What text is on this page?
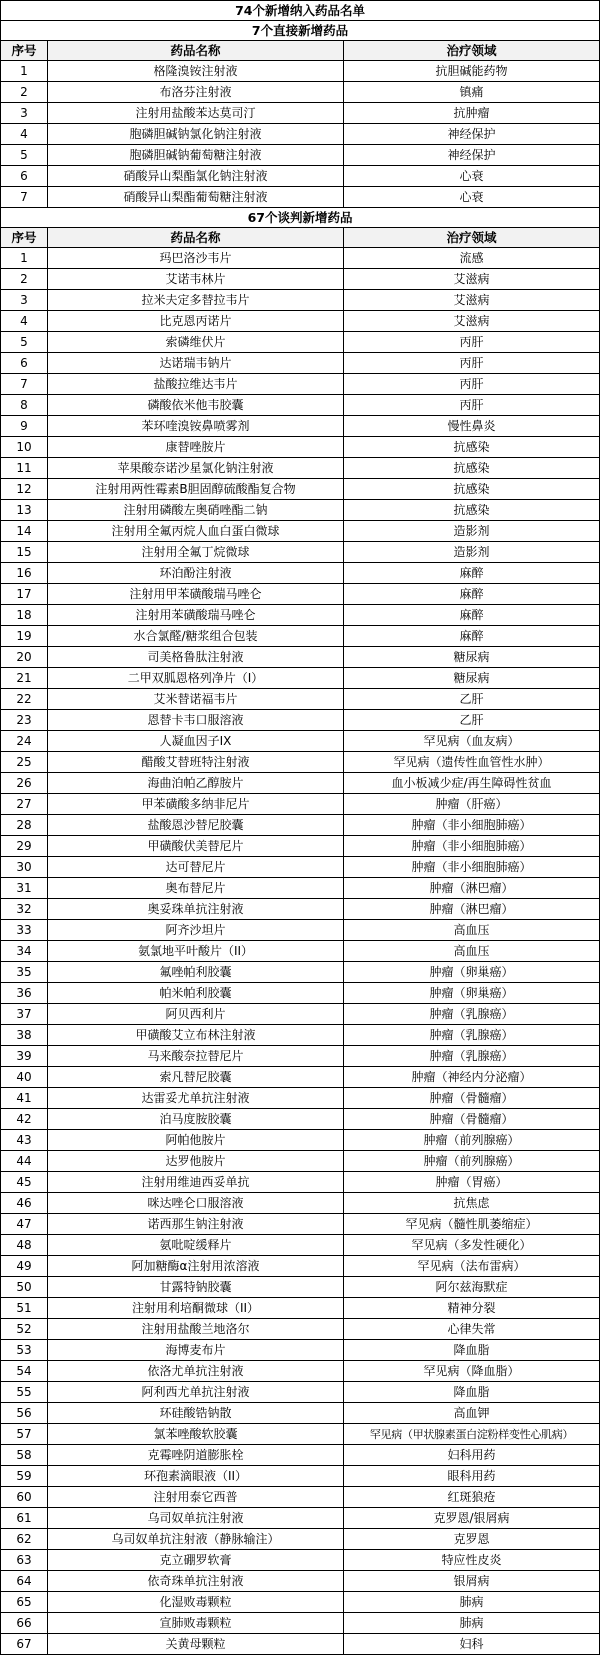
74个新增纳入药品名单		
7个直接新增药品		
序号	药品名称	治疗领域
1	格隆溴铵注射液	抗胆碱能药物
2	布洛芬注射液	镇痛
3	注射用盐酸苯达莫司汀	抗肿瘤
4	胞磷胆碱钠氯化钠注射液	神经保护
5	胞磷胆碱钠葡萄糖注射液	神经保护
6	硝酸异山梨酯氯化钠注射液	心衰
7	硝酸异山梨酯葡萄糖注射液	心衰
67个谈判新增药品		
序号	药品名称	治疗领域
1	玛巴洛沙韦片	流感
2	艾诺韦林片	艾滋病
3	拉米夫定多替拉韦片	艾滋病
4	比克恩丙诺片	艾滋病
5	索磷维伏片	丙肝
6	达诺瑞韦钠片	丙肝
7	盐酸拉维达韦片	丙肝
8	磷酸依米他韦胶囊	丙肝
9	苯环喹溴铵鼻喷雾剂	慢性鼻炎
10	康替唑胺片	抗感染
11	苹果酸奈诺沙星氯化钠注射液	抗感染
12	注射用两性霉素B胆固醇硫酸酯复合物	抗感染
13	注射用磷酸左奥硝唑酯二钠	抗感染
14	注射用全氟丙烷人血白蛋白微球	造影剂
15	注射用全氟丁烷微球	造影剂
16	环泊酚注射液	麻醉
17	注射用甲苯磺酸瑞马唑仑	麻醉
18	注射用苯磺酸瑞马唑仑	麻醉
19	水合氯醛/糖浆组合包装	麻醉
20	司美格鲁肽注射液	糖尿病
21	二甲双胍恩格列净片（I）	糖尿病
22	艾米替诺福韦片	乙肝
23	恩替卡韦口服溶液	乙肝
24	人凝血因子IX	罕见病（血友病）
25	醋酸艾替班特注射液	罕见病（遗传性血管性水肿）
26	海曲泊帕乙醇胺片	血小板减少症/再生障碍性贫血
27	甲苯磺酸多纳非尼片	肿瘤（肝癌）
28	盐酸恩沙替尼胶囊	肿瘤（非小细胞肺癌）
29	甲磺酸伏美替尼片	肿瘤（非小细胞肺癌）
30	达可替尼片	肿瘤（非小细胞肺癌）
31	奥布替尼片	肿瘤（淋巴瘤）
32	奥妥珠单抗注射液	肿瘤（淋巴瘤）
33	阿齐沙坦片	高血压
34	氨氯地平叶酸片（II）	高血压
35	氟唑帕利胶囊	肿瘤（卵巢癌）
36	帕米帕利胶囊	肿瘤（卵巢癌）
37	阿贝西利片	肿瘤（乳腺癌）
38	甲磺酸艾立布林注射液	肿瘤（乳腺癌）
39	马来酸奈拉替尼片	肿瘤（乳腺癌）
40	索凡替尼胶囊	肿瘤（神经内分泌瘤）
41	达雷妥尤单抗注射液	肿瘤（骨髓瘤）
42	泊马度胺胶囊	肿瘤（骨髓瘤）
43	阿帕他胺片	肿瘤（前列腺癌）
44	达罗他胺片	肿瘤（前列腺癌）
45	注射用维迪西妥单抗	肿瘤（胃癌）
46	咪达唑仑口服溶液	抗焦虑
47	诺西那生钠注射液	罕见病（髓性肌萎缩症）
48	氨吡啶缓释片	罕见病（多发性硬化）
49	阿加糖酶α注射用浓溶液	罕见病（法布雷病）
50	甘露特钠胶囊	阿尔兹海默症
51	注射用利培酮微球（II）	精神分裂
52	注射用盐酸兰地洛尔	心律失常
53	海博麦布片	降血脂
54	依洛尤单抗注射液	罕见病（降血脂）
55	阿利西尤单抗注射液	降血脂
56	环硅酸锆钠散	高血钾
57	氯苯唑酸软胶囊	罕见病（甲状腺素蛋白淀粉样变性心肌病）
58	克霉唑阴道膨胀栓	妇科用药
59	环孢素滴眼液（II）	眼科用药
60	注射用泰它西普	红斑狼疮
61	乌司奴单抗注射液	克罗恩/银屑病
62	乌司奴单抗注射液（静脉输注）	克罗恩
63	克立硼罗软膏	特应性皮炎
64	依奇珠单抗注射液	银屑病
65	化湿败毒颗粒	肺病
66	宣肺败毒颗粒	肺病
67	关黄母颗粒	妇科
